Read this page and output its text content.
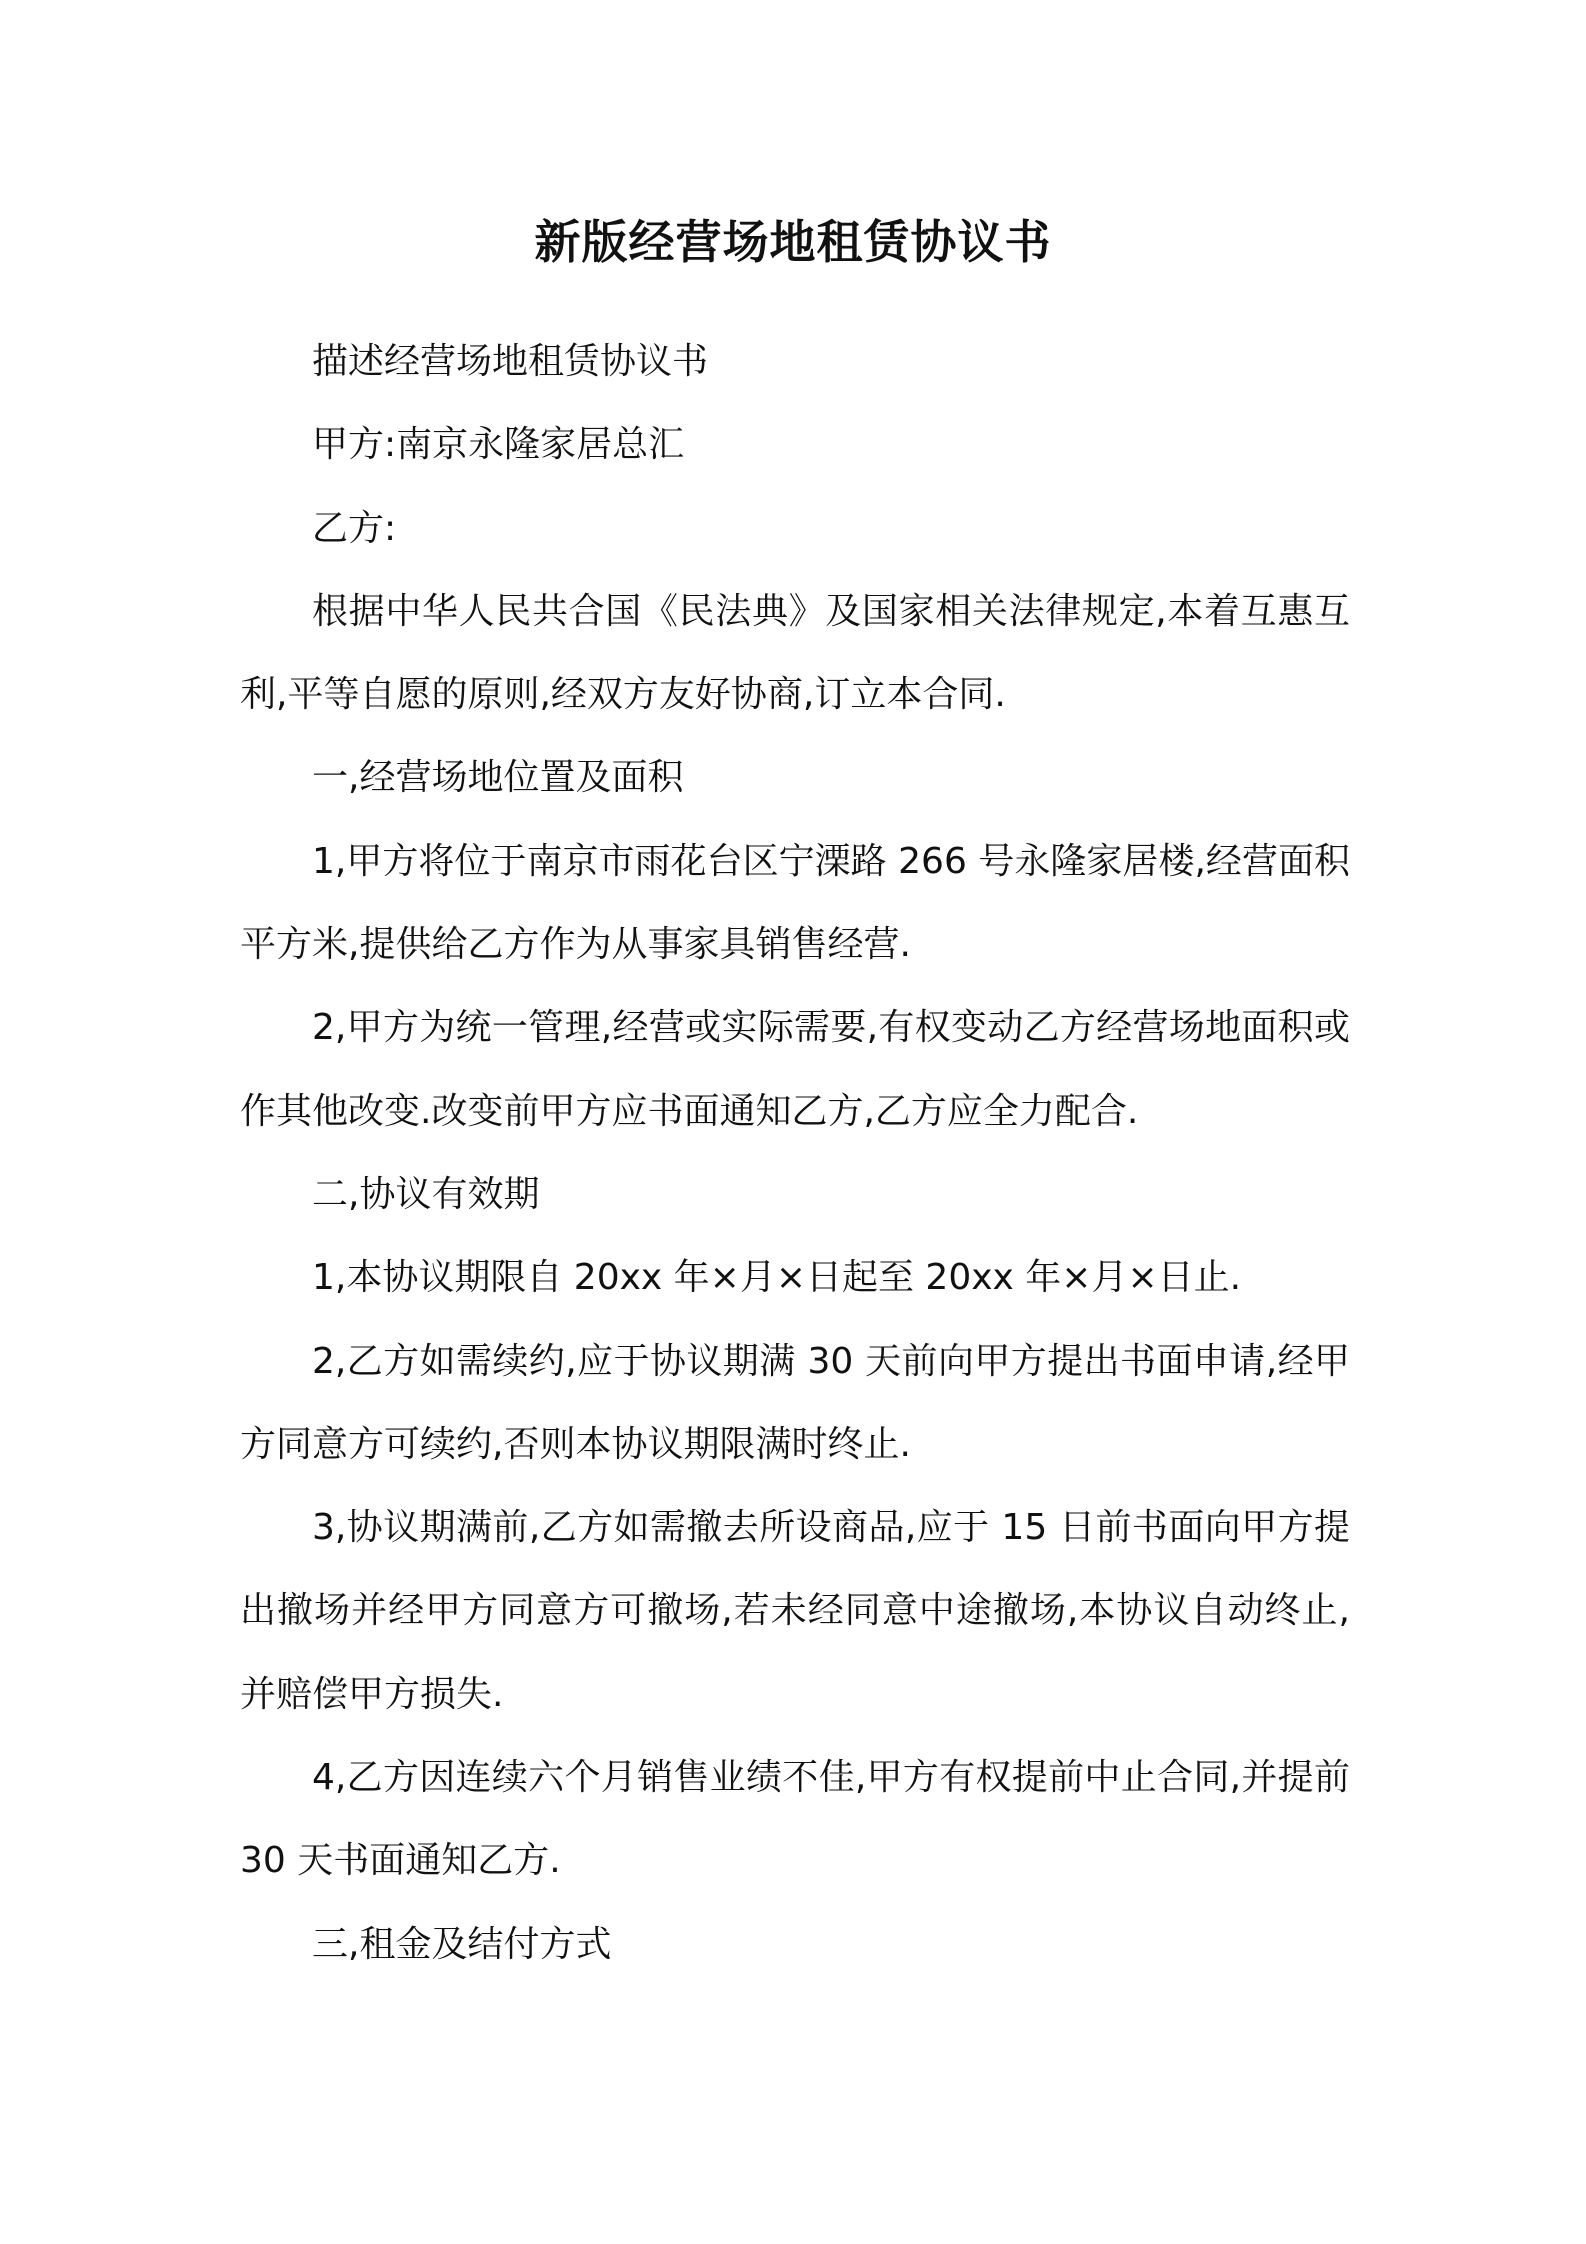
新版经营场地租赁协议书

描述经营场地租赁协议书

甲方:南京永隆家居总汇

乙方:

根据中华人民共合国《民法典》及国家相关法律规定,本着互惠互利,平等自愿的原则,经双方友好协商,订立本合同.

一,经营场地位置及面积

1,甲方将位于南京市雨花台区宁溧路 266 号永隆家居楼,经营面积平方米,提供给乙方作为从事家具销售经营.

2,甲方为统一管理,经营或实际需要,有权变动乙方经营场地面积或作其他改变.改变前甲方应书面通知乙方,乙方应全力配合.

二,协议有效期

1,本协议期限自 20xx 年×月×日起至 20xx 年×月×日止.

2,乙方如需续约,应于协议期满 30 天前向甲方提出书面申请,经甲方同意方可续约,否则本协议期限满时终止.

3,协议期满前,乙方如需撤去所设商品,应于 15 日前书面向甲方提出撤场并经甲方同意方可撤场,若未经同意中途撤场,本协议自动终止,并赔偿甲方损失.

4,乙方因连续六个月销售业绩不佳,甲方有权提前中止合同,并提前 30 天书面通知乙方.

三,租金及结付方式
